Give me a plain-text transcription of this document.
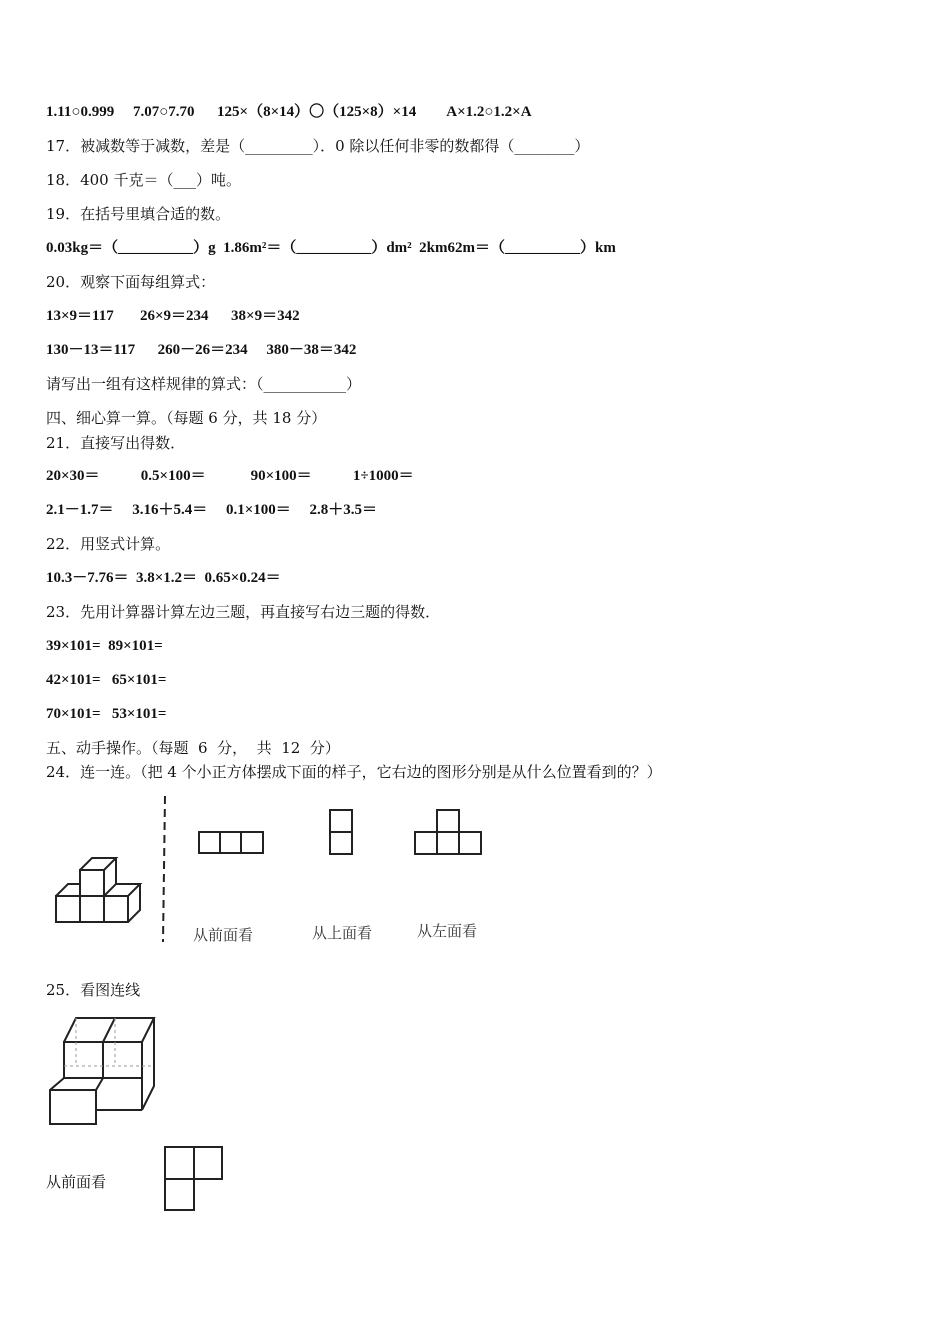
1.11○0.999     7.07○7.70      125×（8×14）〇（125×8）×14        A×1.2○1.2×A
17．被减数等于减数，差是（_________）．0 除以任何非零的数都得（________）
18．400 千克＝（___）吨。
19．在括号里填合适的数。
0.03kg＝（__________）g  1.86m²＝（__________）dm²  2km62m＝（__________）km
20．观察下面每组算式：
13×9＝117       26×9＝234      38×9＝342
130－13＝117      260－26＝234     380－38＝342
请写出一组有这样规律的算式：（___________）
四、细心算一算。（每题 6 分，共 18 分）
21．直接写出得数．
20×30＝           0.5×100＝            90×100＝           1÷1000＝
2.1－1.7＝     3.16＋5.4＝     0.1×100＝     2.8＋3.5＝
22．用竖式计算。
10.3－7.76＝  3.8×1.2＝  0.65×0.24＝
23．先用计算器计算左边三题，再直接写右边三题的得数．
39×101=  89×101=
42×101=   65×101=
70×101=   53×101=
五、动手操作。（每题  6  分，  共  12  分）
24．连一连。（把 4 个小正方体摆成下面的样子，它右边的图形分别是从什么位置看到的？）
从前面看	从上面看	从左面看
25．看图连线
从前面看
